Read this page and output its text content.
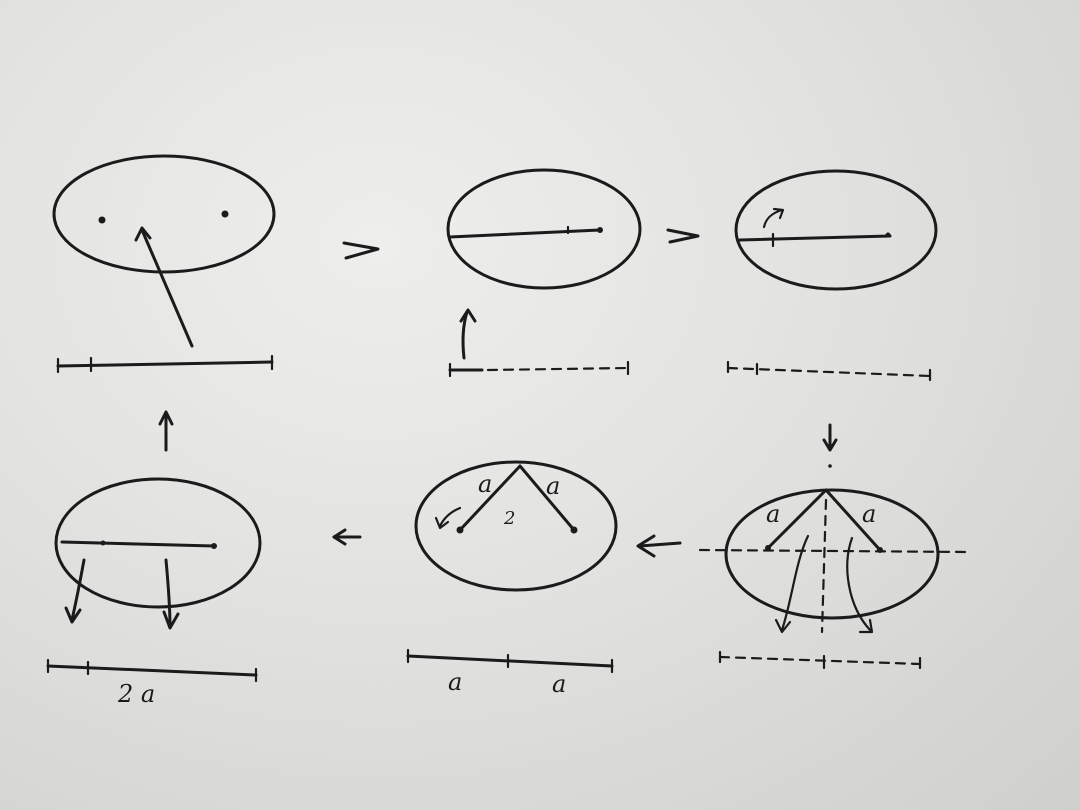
a	a
a a
2
a	a
2 a
